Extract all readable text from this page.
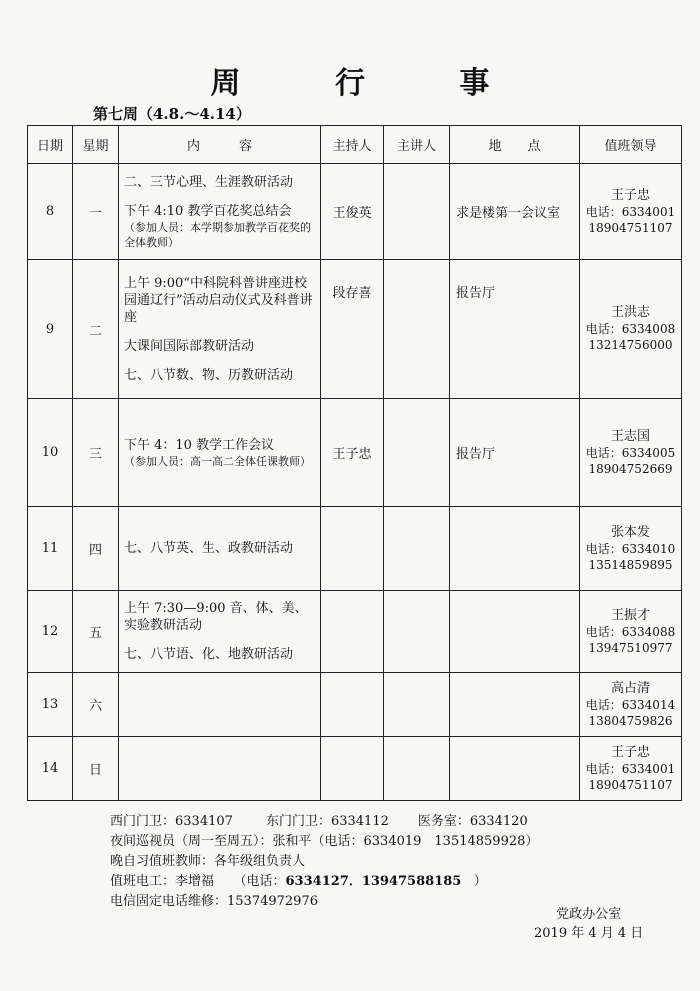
周 行 事
第七周（4.8.～4.14）
日期	星期	内　　　容	主持人	主讲人	地　　点	值班领导
8	一	二、三节心理、生涯教研活动
下午 4:10 教学百花奖总结会
（参加人员：本学期参加教学百花奖的全体教师）	王俊英		求是楼第一会议室	王子忠
电话：6334001
18904751107

9	二	上午 9:00“中科院科普讲座进校园通辽行”活动启动仪式及科普讲座
大课间国际部教研活动
七、八节数、物、历教研活动	段存喜		报告厅	王洪志
电话：6334008
13214756000

10	三	下午 4：10 教学工作会议
（参加人员：高一高二全体任课教师）	王子忠		报告厅	王志国
电话：6334005
18904752669

11	四	七、八节英、生、政教研活动				张本发
电话：6334010
13514859895

12	五	上午 7:30—9:00 音、体、美、实验教研活动
七、八节语、化、地教研活动				王振才
电话：6334088
13947510977

13	六					高占清
电话：6334014
13804759826

14	日					王子忠
电话：6334001
18904751107
西门门卫：6334107	东门门卫：6334112 医务室：6334120
夜间巡视员（周一至周五）：张和平（电话：6334019　13514859928）
晚自习值班教师：各年级组负责人
值班电工：李增福　　（电话：6334127．13947588185 ）
电信固定电话维修：15374972976
党政办公室
2019 年 4 月 4 日
